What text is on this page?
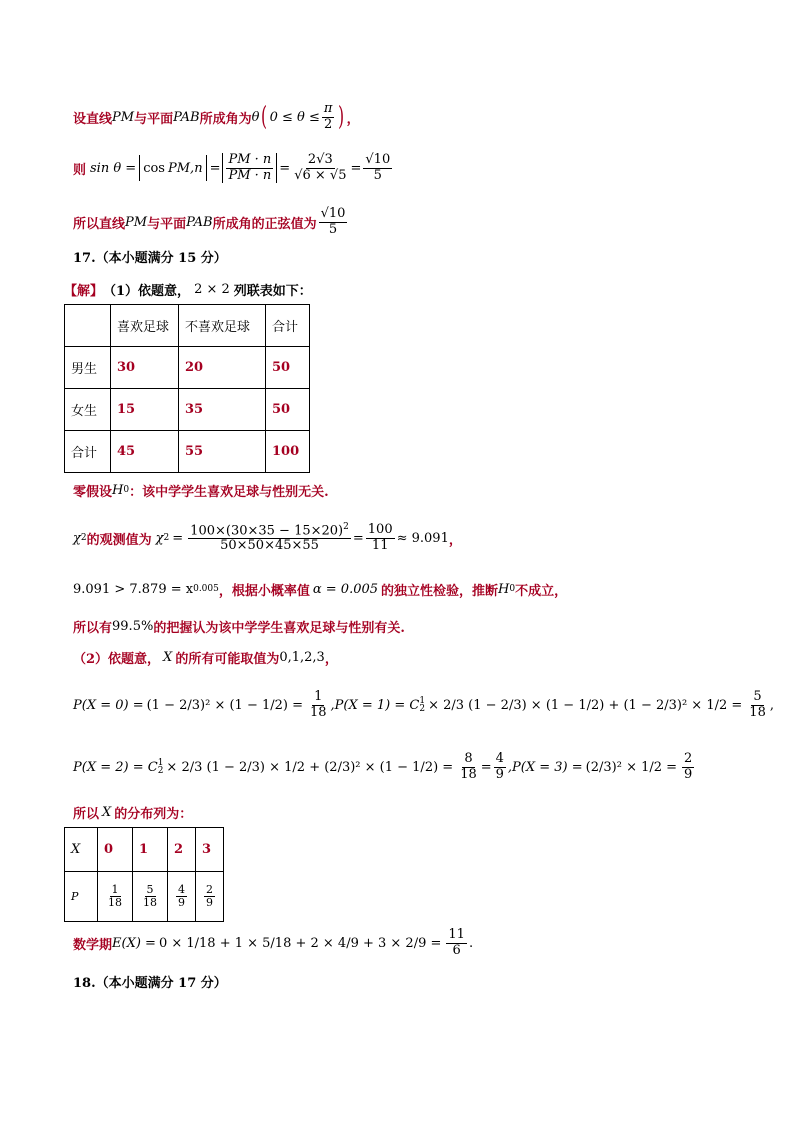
设直线 PM 与平面 PAB 所成角为 θ ( $0 \le \theta \le \frac{\pi}{2}$ ) ，
则 sin θ = cos PM , $n = \frac{PM \cdot n}{PM \cdot n} = \frac{2√3}{√6 \times √5} = \frac{√10}{5}$
所以直线 PM 与平面 PAB 所成角的正弦值为 $\frac{√10}{5}$
17.（本小题满分 15 分）
【解】 （1）依题意， 2 × 2 列联表如下：
	喜欢足球	不喜欢足球	合计
男生	30	20	50
女生	15	35	50
合计	45	55	100
零假设 H 0 ：该中学学生喜欢足球与性别无关.
χ 2 的观测值为 χ $2 = \frac{100\times(30\times 35 - 15\times 20)^2}{50\times 50\times 45\times 55} = \frac{100}{11} \approx 9.091$ ，
9.091 > 7.879 = x 0.005 ，根据小概率值 α = 0.005 的独立性检验，推断 H 0 不成立，
所以有 99.5% 的把握认为该中学学生喜欢足球与性别有关.
（2）依题意， X 的所有可能取值为 0,1,2,3 ，
$P(X = 0) = (1 - 2/3)^2 \times (1 - 1/2) = \frac{1}{18} ,P(X = 1) = C$ 1
2 × 2/3 $(1 - 2/3) \times (1 - 1/2) + (1 - 2/3)^2 \times 1/2 = \frac{5}{18}$ ,
P(X = 2) = C 1
2 × 2/3 $(1 - 2/3) \times 1/2 + (2/3)^2 \times (1 - 1/2) = \frac{8}{18} = \frac{4}{9} ,P(X = 3) = (2/3)^2 \times 1/2 = \frac{2}{9}$
所以 X 的分布列为：
X	0	1	2	3
P	$\frac{1}{18}$	$\frac{5}{18}$	$\frac{4}{9}$	$\frac{2}{9}$
数学期 $E(X) = 0 \times 1/18 + 1 \times 5/18 + 2 \times 4/9 + 3 \times 2/9 = \frac{11}{6}$ .
18.（本小题满分 17 分）
